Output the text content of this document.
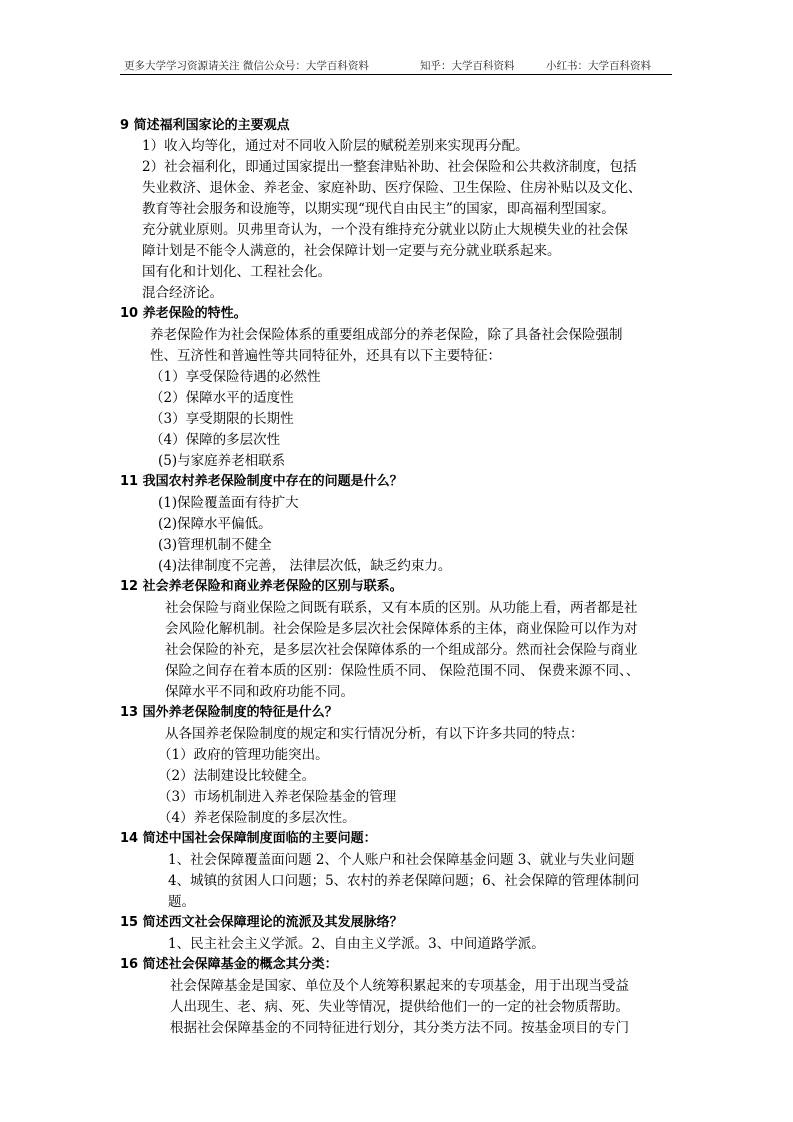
更多大学学习资源请关注 微信公众号：大学百科资料	知乎：大学百科资料	小红书：大学百科资料
9 简述福利国家论的主要观点
1）收入均等化，通过对不同收入阶层的赋税差别来实现再分配。
2）社会福利化，即通过国家提出一整套津贴补助、社会保险和公共救济制度，包括
失业救济、退休金、养老金、家庭补助、医疗保险、卫生保险、住房补贴以及文化、
教育等社会服务和设施等，以期实现“现代自由民主”的国家，即高福利型国家。
充分就业原则。贝弗里奇认为，一个没有维持充分就业以防止大规模失业的社会保
障计划是不能令人满意的，社会保障计划一定要与充分就业联系起来。
国有化和计划化、工程社会化。
混合经济论。
10 养老保险的特性。
养老保险作为社会保险体系的重要组成部分的养老保险，除了具备社会保险强制
性、互济性和普遍性等共同特征外，还具有以下主要特征：
（1）享受保险待遇的必然性
（2）保障水平的适度性
（3）享受期限的长期性
（4）保障的多层次性
(5)与家庭养老相联系
11 我国农村养老保险制度中存在的问题是什么？
(1)保险覆盖面有待扩大
(2)保障水平偏低。
(3)管理机制不健全
(4)法律制度不完善， 法律层次低，缺乏约束力。
12 社会养老保险和商业养老保险的区别与联系。
社会保险与商业保险之间既有联系，又有本质的区别。从功能上看，两者都是社
会风险化解机制。社会保险是多层次社会保障体系的主体，商业保险可以作为对
社会保险的补充，是多层次社会保障体系的一个组成部分。然而社会保险与商业
保险之间存在着本质的区别：保险性质不同、 保险范围不同、 保费来源不同、、
保障水平不同和政府功能不同。
13 国外养老保险制度的特征是什么？
从各国养老保险制度的规定和实行情况分析，有以下许多共同的特点：
（1）政府的管理功能突出。
（2）法制建设比较健全。
（3）市场机制进入养老保险基金的管理
（4）养老保险制度的多层次性。
14 简述中国社会保障制度面临的主要问题：
1、社会保障覆盖面问题 2、个人账户和社会保障基金问题 3、就业与失业问题
4、城镇的贫困人口问题；5、农村的养老保障问题；6、社会保障的管理体制问
题。
15 简述西文社会保障理论的流派及其发展脉络？
1、民主社会主义学派。2、自由主义学派。3、中间道路学派。
16 简述社会保障基金的概念其分类：
社会保障基金是国家、单位及个人统筹积累起来的专项基金，用于出现当受益
人出现生、老、病、死、失业等情况，提供给他们一的一定的社会物质帮助。
根据社会保障基金的不同特征进行划分，其分类方法不同。按基金项目的专门
